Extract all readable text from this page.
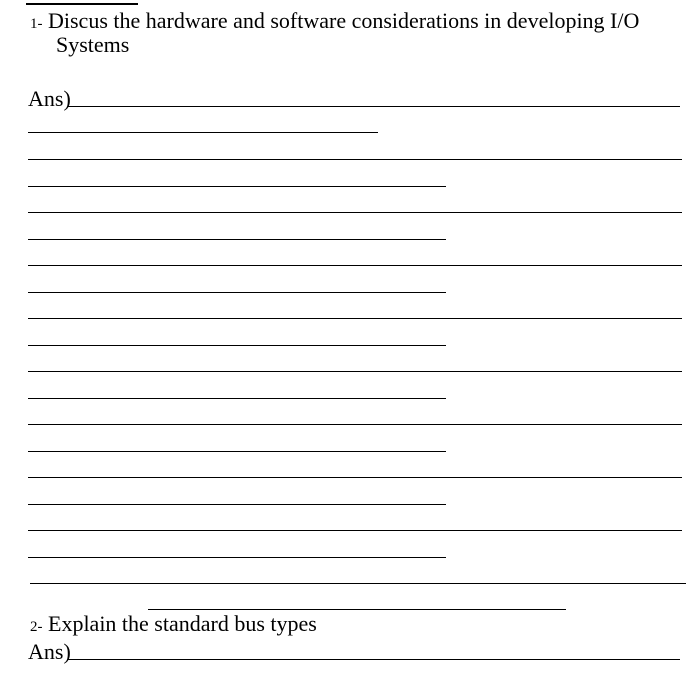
1- Discus the hardware and software considerations in developing I/O
Systems
Ans)
2- Explain the standard bus types
Ans)
